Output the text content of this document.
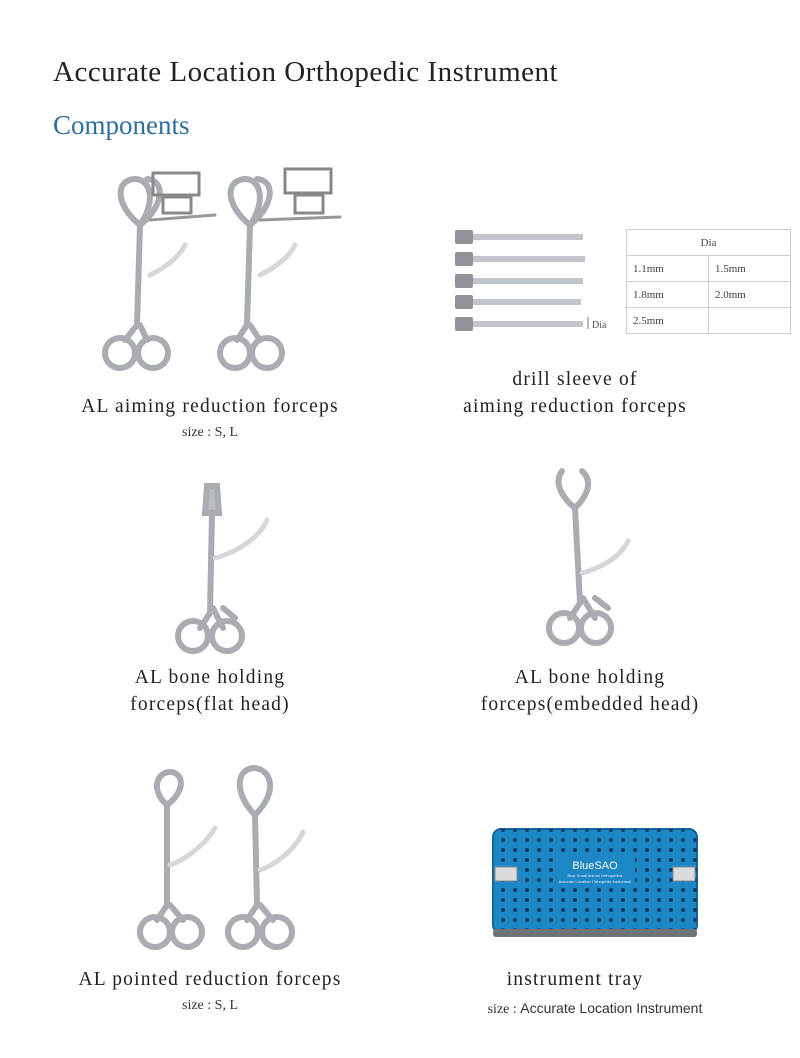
Accurate Location Orthopedic Instrument
Components
AL aiming reduction forceps
size : S, L
Dia
Dia	
1.1mm	1.5mm
1.8mm	2.0mm
2.5mm	
drill sleeve of
aiming reduction forceps
AL bone holding
forceps(flat head)
AL bone holding
forceps(embedded head)
AL pointed reduction forceps
size : S, L
BlueSAO
Blue Small Animal Orthopedics
Accurate Location Orthopedic Instrument
instrument tray
size : Accurate Location Instrument
